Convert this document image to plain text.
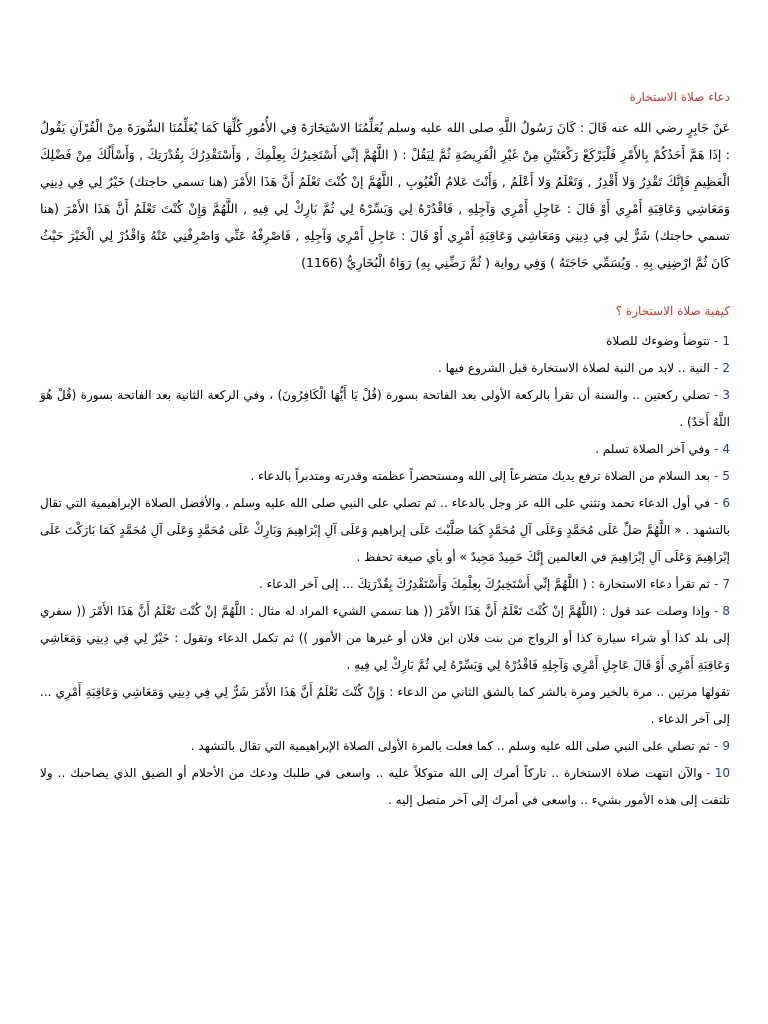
دعاء صلاة الاستخارة

عَنْ جَابِرٍ رضي الله عنه قَالَ : كَانَ رَسُولُ اللَّهِ صلى الله عليه وسلم يُعَلِّمُنَا الاسْتِخَارَةَ فِي الأُمُورِ كُلِّهَا كَمَا يُعَلِّمُنَا السُّورَةَ مِنْ الْقُرْآنِ يَقُولُ : إذَا هَمَّ أَحَدُكُمْ بِالأَمْرِ فَلْيَرْكَعْ رَكْعَتَيْنِ مِنْ غَيْرِ الْفَرِيضَةِ ثُمَّ لِيَقُلْ : ( اللَّهُمَّ إنِّي أَسْتَخِيرُكَ بِعِلْمِكَ , وَأَسْتَقْدِرُكَ بِقُدْرَتِكَ , وَأَسْأَلُكَ مِنْ فَضْلِكَ الْعَظِيمِ فَإِنَّكَ تَقْدِرُ وَلا أَقْدِرُ , وَتَعْلَمُ وَلا أَعْلَمُ , وَأَنْتَ عَلامُ الْغُيُوبِ , اللَّهُمَّ إنْ كُنْتَ تَعْلَمُ أَنَّ هَذَا الأَمْرَ (هنا تسمي حاجتك) خَيْرٌ لِي فِي دِينِي وَمَعَاشِي وَعَاقِبَةِ أَمْرِي أَوْ قَالَ : عَاجِلِ أَمْرِي وَآجِلِهِ , فَاقْدُرْهُ لِي وَيَسِّرْهُ لِي ثُمَّ بَارِكْ لِي فِيهِ , اللَّهُمَّ وَإِنْ كُنْتَ تَعْلَمُ أَنَّ هَذَا الأَمْرَ (هنا تسمي حاجتك) شَرٌّ لِي فِي دِينِي وَمَعَاشِي وَعَاقِبَةِ أَمْرِي أَوْ قَالَ : عَاجِلِ أَمْرِي وَآجِلِهِ , فَاصْرِفْهُ عَنِّي وَاصْرِفْنِي عَنْهُ وَاقْدُرْ لِي الْخَيْرَ حَيْثُ كَانَ ثُمَّ ارْضِنِي بِهِ . وَيُسَمِّي حَاجَتَهُ ) وَفِي رواية ( ثُمَّ رَضِّنِي بِهِ) رَوَاهُ الْبُخَارِيُّ (1166)

كيفية صلاة الاستخارة ؟

1-تتوضأ وضوءك للصلاة

2-النية .. لابد من النية لصلاة الاستخارة قبل الشروع فيها .

3-تصلي ركعتين .. والسنة أن تقرأ بالركعة الأولى بعد الفاتحة بسورة (قُلْ يَا أَيُّهَا الْكَافِرُونَ) ، وفي الركعة الثانية بعد الفاتحة بسورة (قُلْ هُوَ اللَّهُ أَحَدٌ) .

4-وفي آخر الصلاة تسلم .

5-بعد السلام من الصلاة ترفع يديك متضرعاً إلى الله ومستحضراً عظمته وقدرته ومتدبراً بالدعاء .

6-في أول الدعاء تحمد وتثني على الله عز وجل بالدعاء .. ثم تصلي على النبي صلى الله عليه وسلم ، والأفضل الصلاة الإبراهيمية التي تقال بالتشهد . « اللَّهُمَّ صَلِّ عَلَى مُحَمَّدٍ وَعَلَى آلِ مُحَمَّدٍ كَمَا صَلَّيْتَ عَلَى إبراهيم وَعَلَى آلِ إبْرَاهِيمَ وَبَارِكْ عَلَى مُحَمَّدٍ وَعَلَى آلِ مُحَمَّدٍ كَمَا بَارَكْتَ عَلَى إبْرَاهِيمَ وَعَلَى آلِ إبْرَاهِيمَ في العالمين إِنَّكَ حَمِيدٌ مَجِيدٌ » أو بأي صيغة تحفظ .

7-ثم تقرأ دعاء الاستخارة : ( اللَّهُمَّ إنِّي أَسْتَخِيرُكَ بِعِلْمِكَ وَأَسْتَقْدِرُكَ بِقُدْرَتِكَ ... إلى آخر الدعاء .

8-وإذا وصلت عند قول : (اللَّهُمَّ إنْ كُنْتَ تَعْلَمُ أَنَّ هَذَا الأَمْرَ (( هنا تسمي الشيء المراد له مثال : اللَّهُمَّ إنْ كُنْتَ تَعْلَمُ أَنَّ هَذَا الأَمْرَ (( سفري إلى بلد كذا أو شراء سيارة كذا أو الزواج من بنت فلان ابن فلان أو غيرها من الأمور )) ثم تكمل الدعاء وتقول : خَيْرٌ لِي فِي دِينِي وَمَعَاشِي وَعَاقِبَةِ أَمْرِي أَوْ قَالَ عَاجِلِ أَمْرِي وَآجِلِهِ فَاقْدُرْهُ لِي وَيَسِّرْهُ لِي ثُمَّ بَارِكْ لِي فِيهِ .

تقولها مرتين .. مرة بالخير ومرة بالشر كما بالشق الثاني من الدعاء : وَإِنْ كُنْتَ تَعْلَمُ أَنَّ هَذَا الأَمْرَ شَرٌّ لِي فِي دِينِي وَمَعَاشِي وَعَاقِبَةِ أَمْرِي ... إلى آخر الدعاء .

9-ثم تصلي على النبي صلى الله عليه وسلم .. كما فعلت بالمرة الأولى الصلاة الإبراهيمية التي تقال بالتشهد .

10-والآن انتهت صلاة الاستخارة .. تاركاً أمرك إلى الله متوكلاً عليه .. واسعى في طلبك ودعك من الأحلام أو الضيق الذي يصاحبك .. ولا تلتفت إلى هذه الأمور بشيء .. واسعى في أمرك إلى آخر متصل إليه .
